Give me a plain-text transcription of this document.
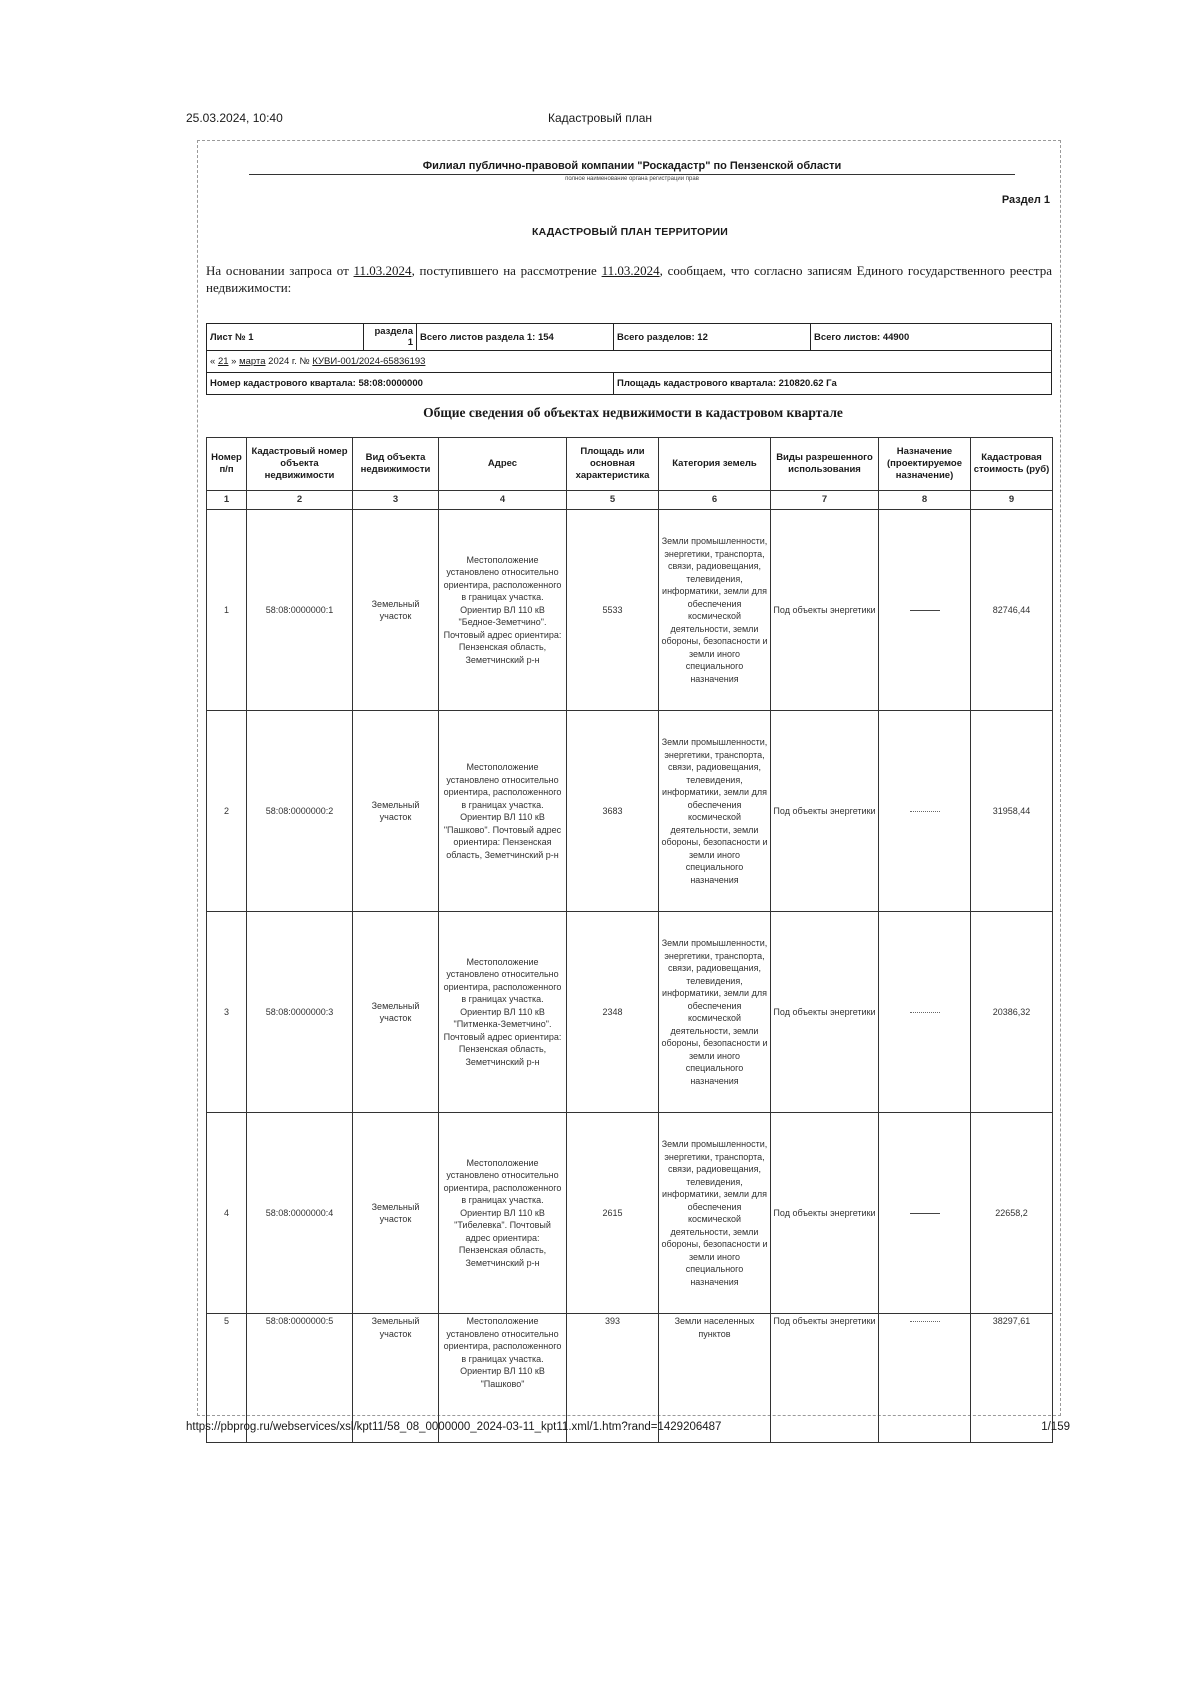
25.03.2024, 10:40	Кадастровый план
Филиал публично-правовой компании "Роскадастр" по Пензенской области
полное наименование органа регистрации прав
Раздел 1
КАДАСТРОВЫЙ ПЛАН ТЕРРИТОРИИ
На основании запроса от 11.03.2024, поступившего на рассмотрение 11.03.2024, сообщаем, что согласно записям Единого государственного реестра недвижимости:
Лист № 1	раздела 1	Всего листов раздела 1: 154	Всего разделов: 12	Всего листов: 44900
« 21 » марта 2024 г. № КУВИ-001/2024-65836193				
Номер кадастрового квартала: 58:08:0000000			Площадь кадастрового квартала: 210820.62 Га	
Общие сведения об объектах недвижимости в кадастровом квартале
Номер п/п	Кадастровый номер объекта недвижимости	Вид объекта недвижимости	Адрес	Площадь или основная характеристика	Категория земель	Виды разрешенного использования	Назначение (проектируемое назначение)	Кадастровая стоимость (руб)
1	2	3	4	5	6	7	8	9
1	58:08:0000000:1	Земельный участок	Местоположение установлено относительно ориентира, расположенного в границах участка. Ориентир ВЛ 110 кВ "Бедное-Земетчино". Почтовый адрес ориентира: Пензенская область, Земетчинский р-н	5533	Земли промышленности, энергетики, транспорта, связи, радиовещания, телевидения, информатики, земли для обеспечения космической деятельности, земли обороны, безопасности и земли иного специального назначения	Под объекты энергетики		82746,44
2	58:08:0000000:2	Земельный участок	Местоположение установлено относительно ориентира, расположенного в границах участка. Ориентир ВЛ 110 кВ "Пашково". Почтовый адрес ориентира: Пензенская область, Земетчинский р-н	3683	Земли промышленности, энергетики, транспорта, связи, радиовещания, телевидения, информатики, земли для обеспечения космической деятельности, земли обороны, безопасности и земли иного специального назначения	Под объекты энергетики		31958,44
3	58:08:0000000:3	Земельный участок	Местоположение установлено относительно ориентира, расположенного в границах участка. Ориентир ВЛ 110 кВ "Питменка-Земетчино". Почтовый адрес ориентира: Пензенская область, Земетчинский р-н	2348	Земли промышленности, энергетики, транспорта, связи, радиовещания, телевидения, информатики, земли для обеспечения космической деятельности, земли обороны, безопасности и земли иного специального назначения	Под объекты энергетики		20386,32
4	58:08:0000000:4	Земельный участок	Местоположение установлено относительно ориентира, расположенного в границах участка. Ориентир ВЛ 110 кВ "Тибелевка". Почтовый адрес ориентира: Пензенская область, Земетчинский р-н	2615	Земли промышленности, энергетики, транспорта, связи, радиовещания, телевидения, информатики, земли для обеспечения космической деятельности, земли обороны, безопасности и земли иного специального назначения	Под объекты энергетики		22658,2
5	58:08:0000000:5	Земельный участок	Местоположение установлено относительно ориентира, расположенного в границах участка. Ориентир ВЛ 110 кВ "Пашково"	393	Земли населенных пунктов	Под объекты энергетики		38297,61
https://pbprog.ru/webservices/xsl/kpt11/58_08_0000000_2024-03-11_kpt11.xml/1.htm?rand=1429206487	1/159
